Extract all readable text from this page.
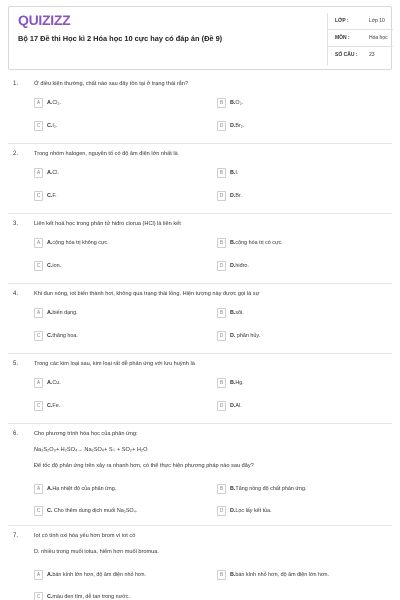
QUIZIZZ
Bộ 17 Đề thi Học kì 2 Hóa học 10 cực hay có đáp án (Đề 9)
LỚP :	Lớp 10
MÔN :	Hóa học
SỐ CÂU : 23
1.	Ở điều kiện thường, chất nào sau đây tồn tại ở trạng thái rắn?
A	A.Cl₂.	B	B.O₂.
C	C.I₂.	D	D.Br₂.
2.	Trong nhóm halogen, nguyên tố có độ âm điện lớn nhất là
A	A.Cl.	B	B.I.
C	C.F.	D	D.Br.
3.	Liên kết hoá học trong phân tử hiđro clorua (HCl) là liên kết
A	A.cộng hóa trị không cực.	B	B.cộng hóa trị có cực.
C	C.ion.	D	D.hiđro.
4.	Khi đun nóng, iot biến thành hơi, không qua trạng thái lỏng. Hiện tượng này được gọi là sự
A	A.biến dạng.	B	B.sôi.
C	C.thăng hoa.	D	D. phân hủy.
5.	Trong các kim loại sau, kim loại rất dễ phản ứng với lưu huỳnh là
A	A.Cu.	B	B.Hg.
C	C.Fe.	D	D.Al.
6.	Cho phương trình hóa học của phản ứng:
Na₂S₂O₃+ H₂SO₄→ Na₂SO₄+ S↓ + SO₂+ H₂O
Để tốc độ phản ứng trên xảy ra nhanh hơn, có thể thực hiện phương pháp nào sau đây?
A	A.Hạ nhiệt độ của phản ứng.	B	B.Tăng nồng độ chất phản ứng.
C	C. Cho thêm dung dịch muối Na₂SO₄.	D	D.Lọc lấy kết tủa.
7.	Iot có tính oxi hóa yếu hơn brom vì iot có
D. nhiều trong muối iotua, hiếm hơn muối bromua.
A	A.bán kính lớn hơn, độ âm điện nhỏ hơn.	B	B.bán kính nhỏ hơn, độ âm điện lớn hơn.
C	C.màu đen tím, dễ tan trong nước.
